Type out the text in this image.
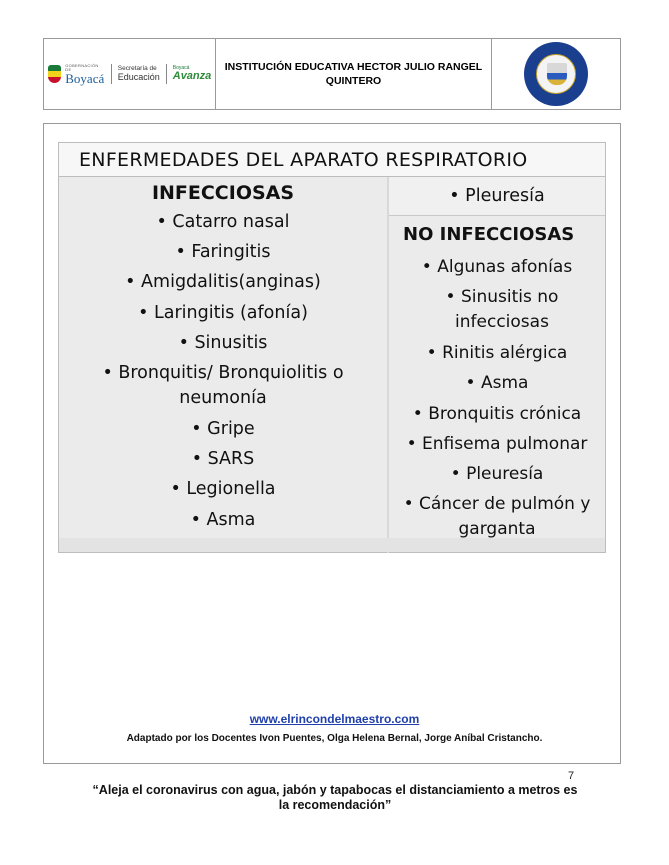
GOBERNACIÓN DE
Boyacá
Secretaría de
Educación
Boyacá
Avanza
INSTITUCIÓN EDUCATIVA HECTOR JULIO RANGEL
QUINTERO
ENFERMEDADES DEL APARATO RESPIRATORIO
INFECCIOSAS
• Catarro nasal
• Faringitis
• Amigdalitis(anginas)
• Laringitis (afonía)
• Sinusitis
• Bronquitis/ Bronquiolitis o neumonía
• Gripe
• SARS
• Legionella
• Asma
• Pleuresía
NO INFECCIOSAS
• Algunas afonías
• Sinusitis no infecciosas
• Rinitis alérgica
• Asma
• Bronquitis crónica
• Enfisema pulmonar
• Pleuresía
• Cáncer de pulmón y garganta
www.elrincondelmaestro.com
Adaptado por los Docentes Ivon Puentes, Olga Helena Bernal, Jorge Aníbal Cristancho.
7
“Aleja el coronavirus con agua, jabón y tapabocas el distanciamiento a metros es la recomendación”
